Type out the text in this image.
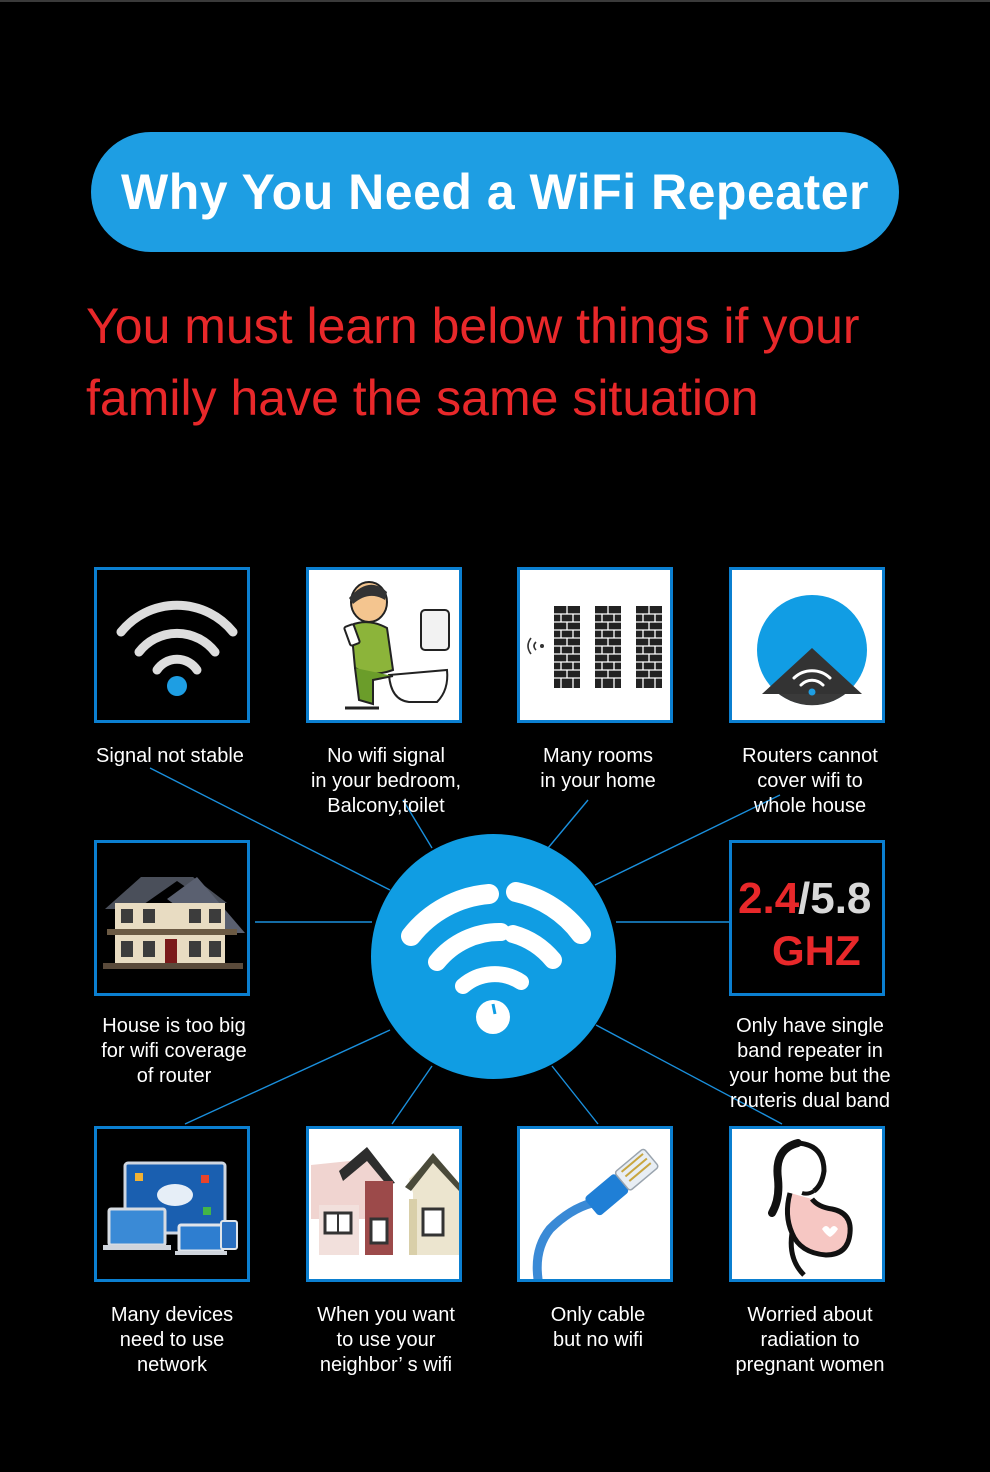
Why You Need a WiFi Repeater
You must learn below things if your
family have the same situation
Signal not stable	No wifi signal
in your bedroom,
Balcony,toilet
Many rooms
in your home
Routers cannot
cover wifi to
whole house
2.4
/5.8
GHZ
House is too big
for wifi coverage
of router
Only have single
band repeater in
your home but the
routeris dual band
Many devices
need to use
network
When you want
to use your
neighbor’ s wifi
Only cable
but no wifi
Worried about
radiation to
pregnant women
